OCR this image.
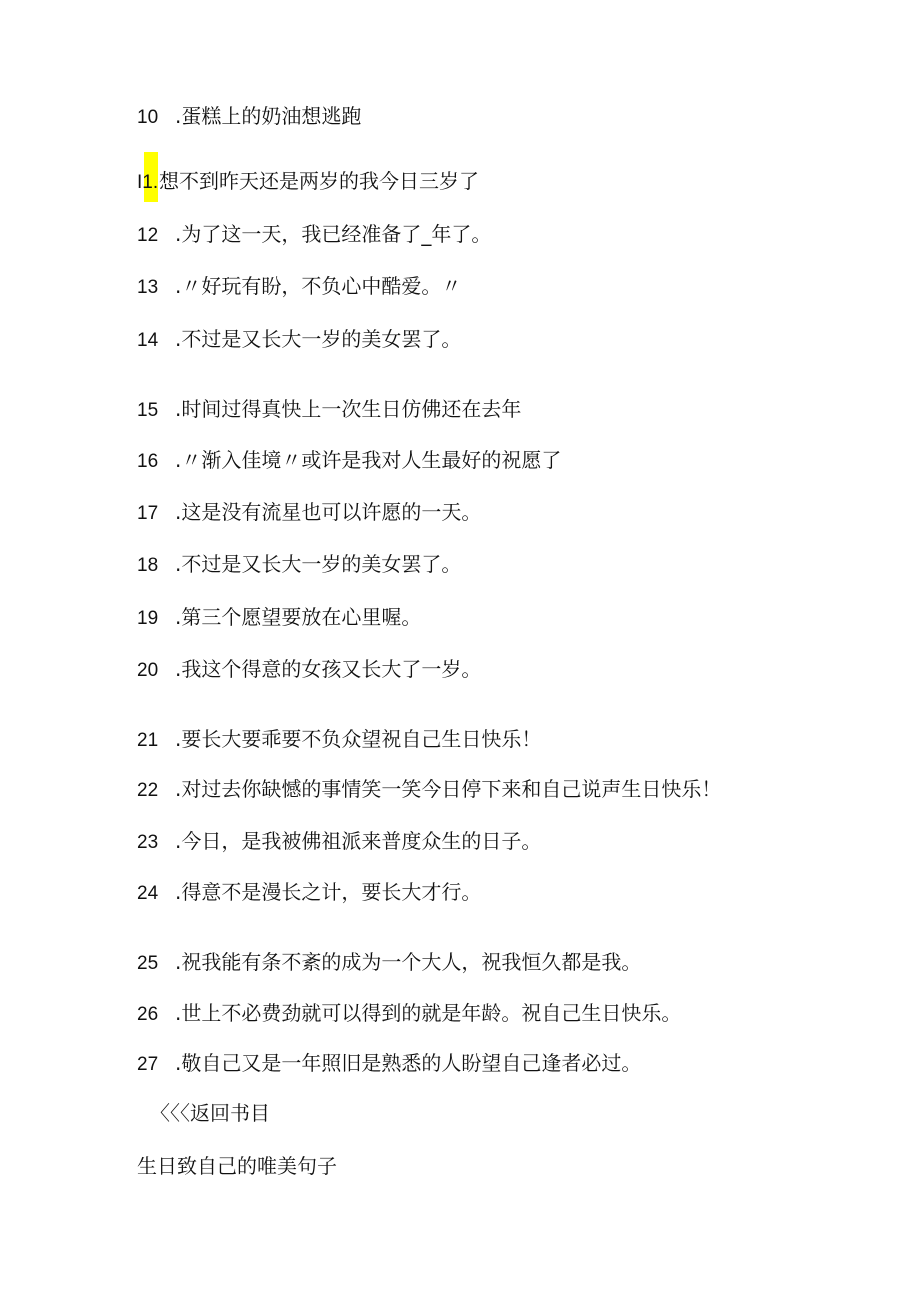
10 .蛋糕上的奶油想逃跑
I1.想不到昨天还是两岁的我今日三岁了
12 .为了这一天，我已经准备了_年了。
13 .〃好玩有盼，不负心中酷爱。〃
14 .不过是又长大一岁的美女罢了。
15 .时间过得真快上一次生日仿佛还在去年
16 .〃渐入佳境〃或许是我对人生最好的祝愿了
17 .这是没有流星也可以许愿的一天。
18 .不过是又长大一岁的美女罢了。
19 .第三个愿望要放在心里喔。
20 .我这个得意的女孩又长大了一岁。
21 .要长大要乖要不负众望祝自己生日快乐！
22 .对过去你缺憾的事情笑一笑今日停下来和自己说声生日快乐！
23 .今日，是我被佛祖派来普度众生的日子。
24 .得意不是漫长之计，要长大才行。
25 .祝我能有条不紊的成为一个大人，祝我恒久都是我。
26 .世上不必费劲就可以得到的就是年龄。祝自己生日快乐。
27 .敬自己又是一年照旧是熟悉的人盼望自己逢者必过。
〈〈〈返回书目
生日致自己的唯美句子
